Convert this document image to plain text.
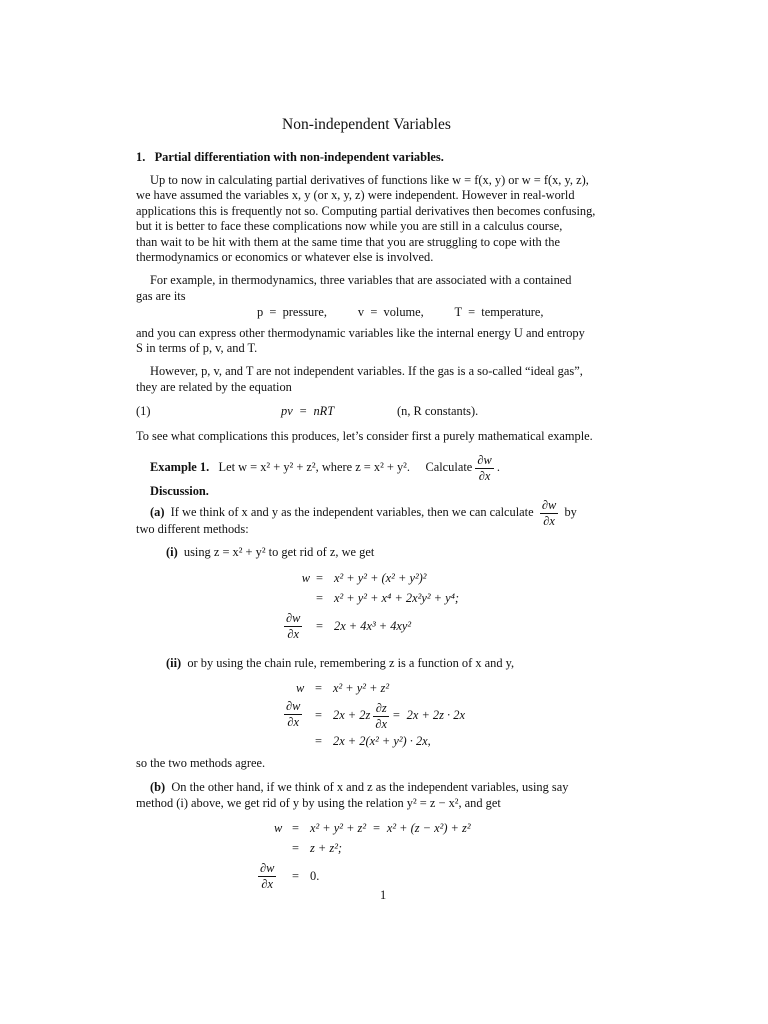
Non-independent Variables
1. Partial differentiation with non-independent variables.
Up to now in calculating partial derivatives of functions like w = f(x, y) or w = f(x, y, z),
we have assumed the variables x, y (or x, y, z) were independent. However in real-world
applications this is frequently not so. Computing partial derivatives then becomes confusing,
but it is better to face these complications now while you are still in a calculus course,
than wait to be hit with them at the same time that you are struggling to cope with the
thermodynamics or economics or whatever else is involved.
For example, in thermodynamics, three variables that are associated with a contained
gas are its
p  =  pressure,          v  =  volume,          T  =  temperature,
and you can express other thermodynamic variables like the internal energy U and entropy
S in terms of p, v, and T.
However, p, v, and T are not independent variables. If the gas is a so-called “ideal gas”,
they are related by the equation
(1)	pv  =  nRT	(n, R constants).
To see what complications this produces, let’s consider first a purely mathematical example.
Example 1. Let w = x² + y² + z², where z = x² + y².     Calculate $\frac{\partial w}{\partial x}$ .
Discussion.
(a) If we think of x and y as the independent variables, then we can calculate $\frac{\partial w}{\partial x}$ by
two different methods:
(i) using z = x² + y² to get rid of z, we get
w = x² + y² + (x² + y²)²
= x² + y² + x⁴ + 2x²y² + y⁴;
$\frac{\partial w}{\partial x} = 2x + 4x^3 + 4xy^2$
(ii) or by using the chain rule, remembering z is a function of x and y,
w = x² + y² + z²
$\frac{\partial w}{\partial x} = 2x + 2z \frac{\partial z}{\partial x} = 2x + 2z \cdot 2x$
= 2x + 2(x² + y²) · 2x,
so the two methods agree.
(b) On the other hand, if we think of x and z as the independent variables, using say
method (i) above, we get rid of y by using the relation y² = z − x², and get
w = x² + y² + z²  =  x² + (z − x²) + z²
= z + z²;
$\frac{\partial w}{\partial x} = 0$.
1
